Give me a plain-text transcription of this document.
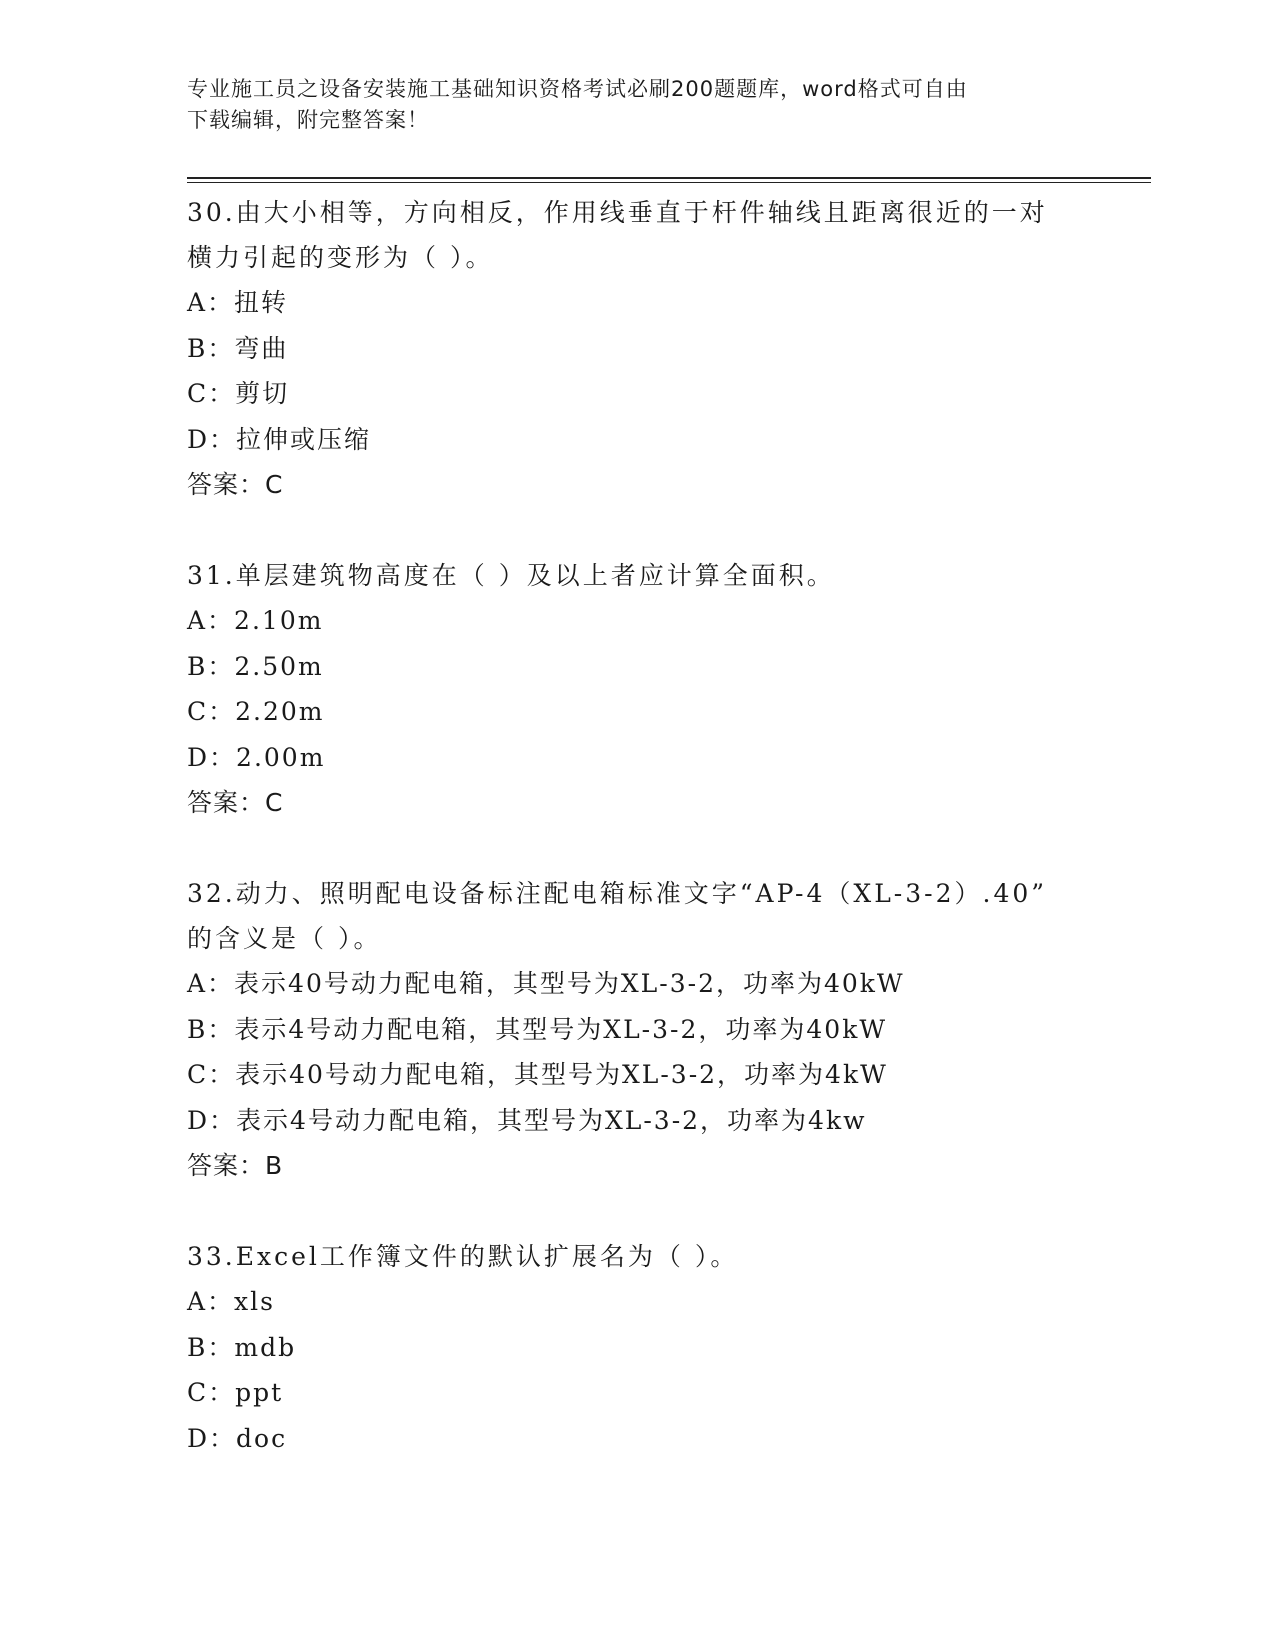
专业施工员之设备安装施工基础知识资格考试必刷200题题库，word格式可自由
下载编辑，附完整答案！
30.由大小相等，方向相反，作用线垂直于杆件轴线且距离很近的一对
横力引起的变形为（ ）。
A：扭转
B：弯曲
C：剪切
D：拉伸或压缩
答案：C
31.单层建筑物高度在（ ）及以上者应计算全面积。
A：2.10m
B：2.50m
C：2.20m
D：2.00m
答案：C
32.动力、照明配电设备标注配电箱标准文字“AP-4（XL-3-2）.40”
的含义是（ ）。
A：表示40号动力配电箱，其型号为XL-3-2，功率为40kW
B：表示4号动力配电箱，其型号为XL-3-2，功率为40kW
C：表示40号动力配电箱，其型号为XL-3-2，功率为4kW
D：表示4号动力配电箱，其型号为XL-3-2，功率为4kw
答案：B
33.Excel工作簿文件的默认扩展名为（ ）。
A：xls
B：mdb
C：ppt
D：doc
